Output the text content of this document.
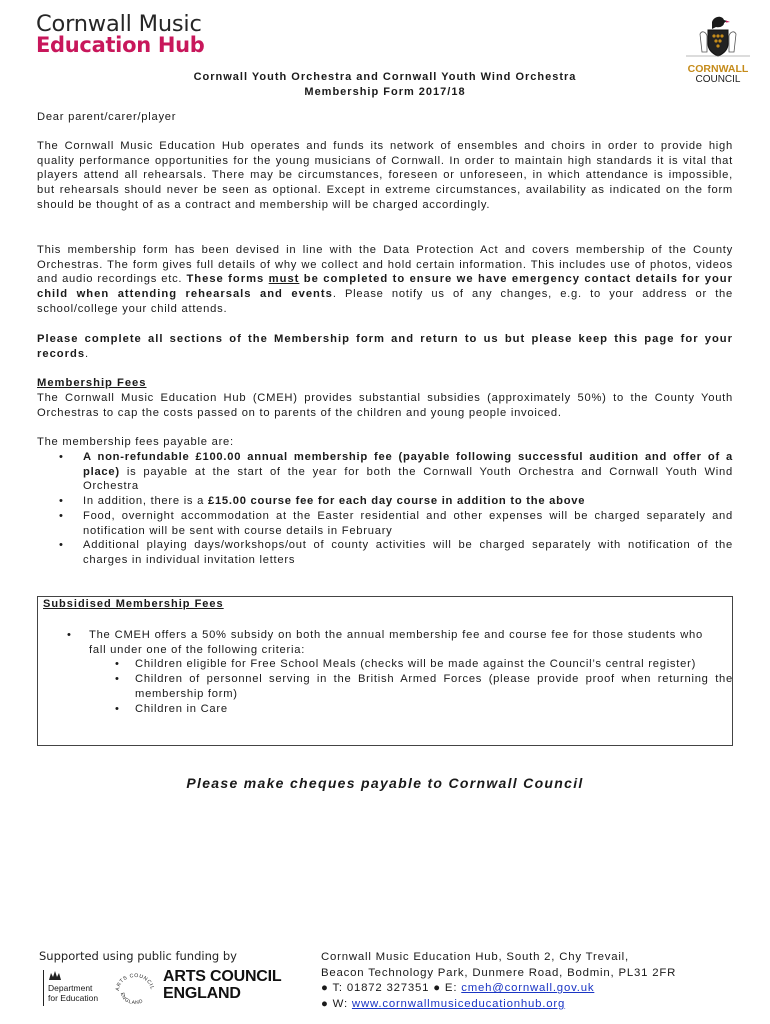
Cornwall Music
Education Hub
CORNWALL
COUNCIL
Cornwall Youth Orchestra and Cornwall Youth Wind Orchestra
Membership Form 2017/18

Dear parent/carer/player

The Cornwall Music Education Hub operates and funds its network of ensembles and choirs in order to provide high quality performance opportunities for the young musicians of Cornwall. In order to maintain high standards it is vital that players attend all rehearsals. There may be circumstances, foreseen or unforeseen, in which attendance is impossible, but rehearsals should never be seen as optional. Except in extreme circumstances, availability as indicated on the form should be thought of as a contract and membership will be charged accordingly.

This membership form has been devised in line with the Data Protection Act and covers membership of the County Orchestras. The form gives full details of why we collect and hold certain information. This includes use of photos, videos and audio recordings etc. These forms must be completed to ensure we have emergency contact details for your child when attending rehearsals and events. Please notify us of any changes, e.g. to your address or the school/college your child attends.

Please complete all sections of the Membership form and return to us but please keep this page for your records.

Membership Fees

The Cornwall Music Education Hub (CMEH) provides substantial subsidies (approximately 50%) to the County Youth Orchestras to cap the costs passed on to parents of the children and young people invoiced.

The membership fees payable are:

• A non-refundable £100.00 annual membership fee (payable following successful audition and offer of a place) is payable at the start of the year for both the Cornwall Youth Orchestra and Cornwall Youth Wind Orchestra
• In addition, there is a £15.00 course fee for each day course in addition to the above
• Food, overnight accommodation at the Easter residential and other expenses will be charged separately and notification will be sent with course details in February
• Additional playing days/workshops/out of county activities will be charged separately with notification of the charges in individual invitation letters
Subsidised Membership Fees
• The CMEH offers a 50% subsidy on both the annual membership fee and course fee for those students who fall under one of the following criteria:
• Children eligible for Free School Meals (checks will be made against the Council’s central register)
• Children of personnel serving in the British Armed Forces (please provide proof when returning the membership form)
• Children in Care
Please make cheques payable to Cornwall Council
Supported using public funding by
Department
for Education
ARTS COUNCIL
ENGLAND
ARTS COUNCIL
ENGLAND
Cornwall Music Education Hub, South 2, Chy Trevail,
Beacon Technology Park, Dunmere Road, Bodmin, PL31 2FR
● T: 01872 327351 ● E: cmeh@cornwall.gov.uk
● W: www.cornwallmusiceducationhub.org
